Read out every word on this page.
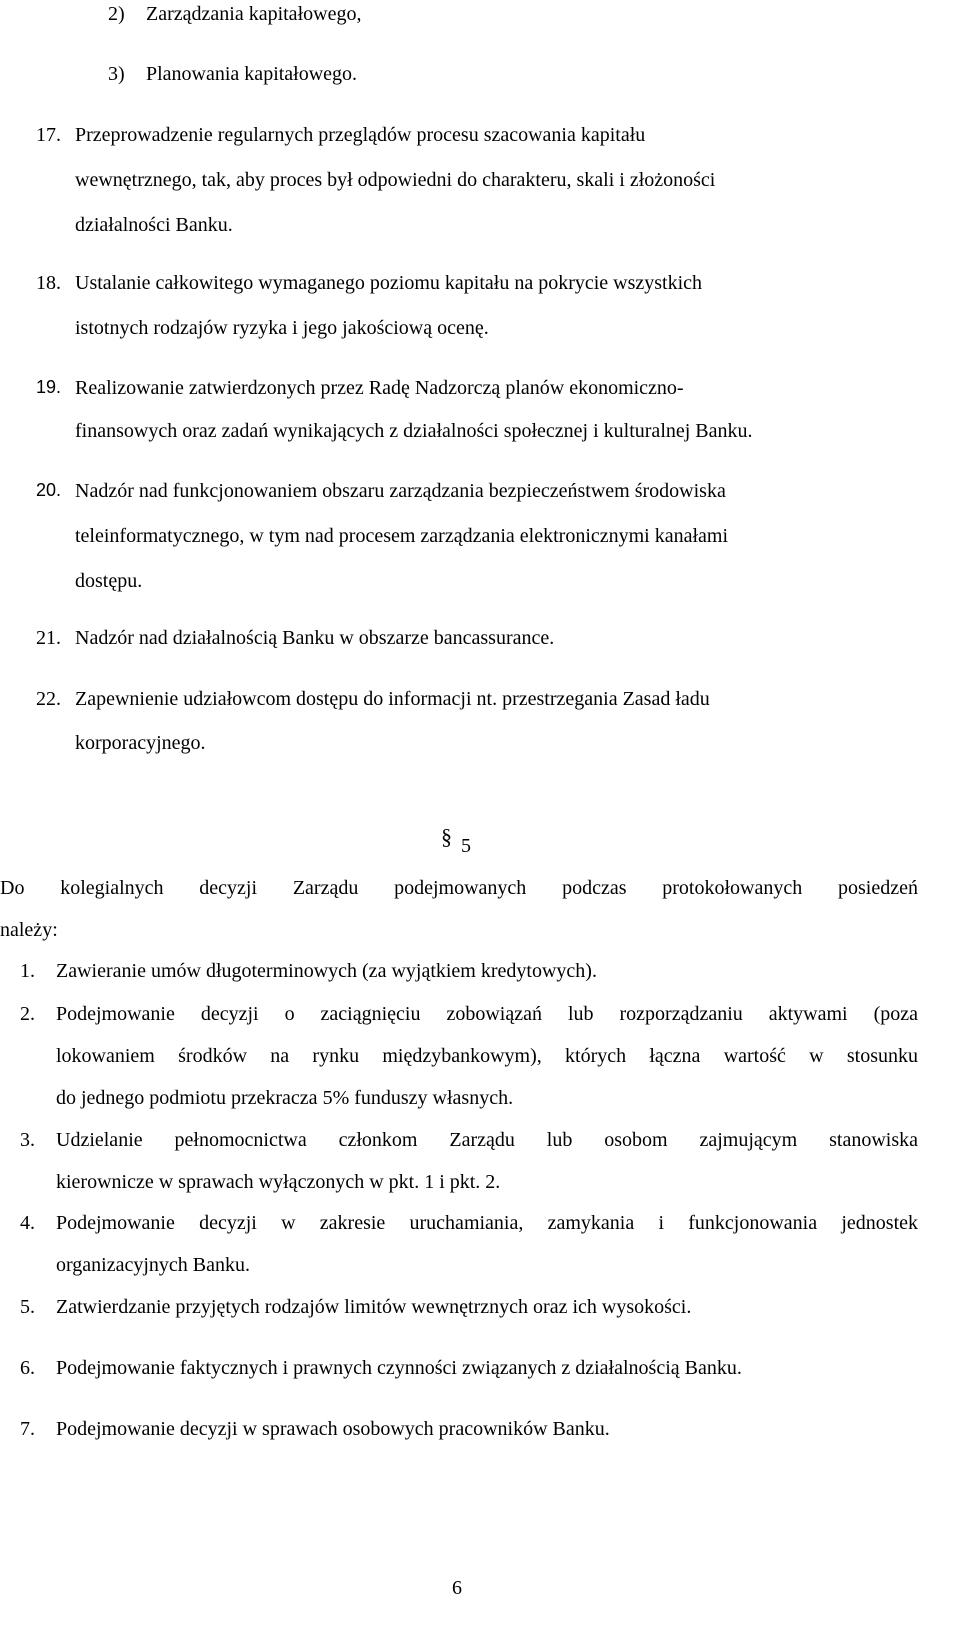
2) Zarządzania kapitałowego,
3) Planowania kapitałowego.
17. Przeprowadzenie regularnych przeglądów procesu szacowania kapitału
wewnętrznego, tak, aby proces był odpowiedni do charakteru, skali i złożoności
działalności Banku.
18. Ustalanie całkowitego wymaganego poziomu kapitału na pokrycie wszystkich
istotnych rodzajów ryzyka i jego jakościową ocenę.
19. Realizowanie zatwierdzonych przez Radę Nadzorczą planów ekonomiczno-
finansowych oraz zadań wynikających z działalności społecznej i kulturalnej Banku.
20. Nadzór nad funkcjonowaniem obszaru zarządzania bezpieczeństwem środowiska
teleinformatycznego, w tym nad procesem zarządzania elektronicznymi kanałami
dostępu.
21. Nadzór nad działalnością Banku w obszarze bancassurance.
22. Zapewnienie udziałowcom dostępu do informacji nt. przestrzegania Zasad ładu
korporacyjnego.
§ 5
Do kolegialnych decyzji Zarządu podejmowanych podczas protokołowanych posiedzeń
należy:
1. Zawieranie umów długoterminowych (za wyjątkiem kredytowych).
2. Podejmowanie decyzji o zaciągnięciu zobowiązań lub rozporządzaniu aktywami (poza
lokowaniem środków na rynku międzybankowym), których łączna wartość w stosunku
do jednego podmiotu przekracza 5% funduszy własnych.
3. Udzielanie pełnomocnictwa członkom Zarządu lub osobom zajmującym stanowiska
kierownicze w sprawach wyłączonych w pkt. 1 i pkt. 2.
4. Podejmowanie decyzji w zakresie uruchamiania, zamykania i funkcjonowania jednostek
organizacyjnych Banku.
5. Zatwierdzanie przyjętych rodzajów limitów wewnętrznych oraz ich wysokości.
6. Podejmowanie faktycznych i prawnych czynności związanych z działalnością Banku.
7. Podejmowanie decyzji w sprawach osobowych pracowników Banku.
6
